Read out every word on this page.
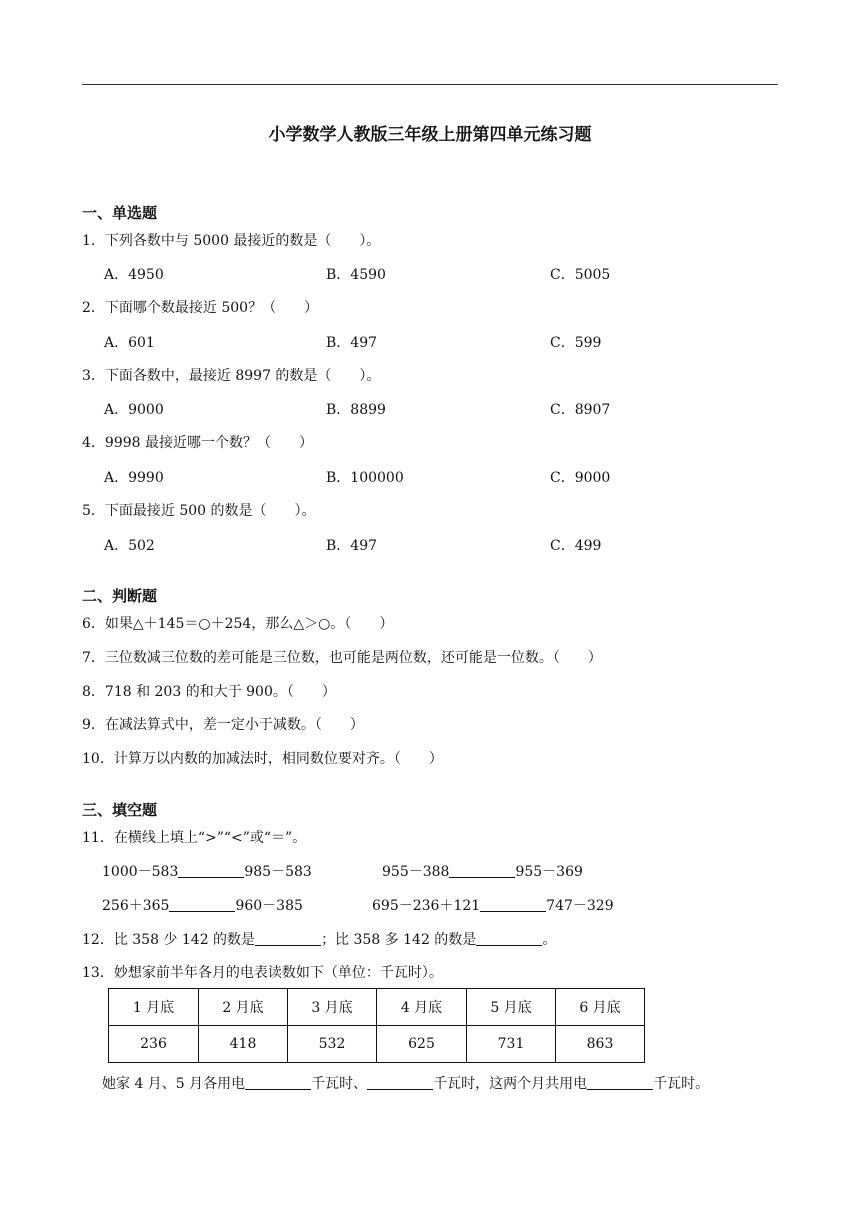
小学数学人教版三年级上册第四单元练习题
一、单选题
1．下列各数中与 5000 最接近的数是（　　）。
A．4950	B．4590	C．5005
2．下面哪个数最接近 500？（　　）
A．601	B．497	C．599
3．下面各数中，最接近 8997 的数是（　　）。
A．9000	B．8899	C．8907
4．9998 最接近哪一个数？（　　）
A．9990	B．100000	C．9000
5．下面最接近 500 的数是（　　）。
A．502	B．497	C．499
二、判断题
6．如果△＋145＝○＋254，那么△＞○。（　　）
7．三位数减三位数的差可能是三位数，也可能是两位数，还可能是一位数。（　　）
8．718 和 203 的和大于 900。（　　）
9．在减法算式中，差一定小于减数。（　　）
10．计算万以内数的加减法时，相同数位要对齐。（　　）
三、填空题
11．在横线上填上“>”“<”或“＝”。
1000－583	985－583	955－388	955－369
256＋365	960－385	695－236＋121	747－329
12．比 358 少 142 的数是	；比 358 多 142 的数是	。
13．妙想家前半年各月的电表读数如下（单位：千瓦时）。
1 月底	2 月底	3 月底	4 月底	5 月底	6 月底
236	418	532	625	731	863
她家 4 月、5 月各用电	千瓦时、	千瓦时，这两个月共用电	千瓦时。
